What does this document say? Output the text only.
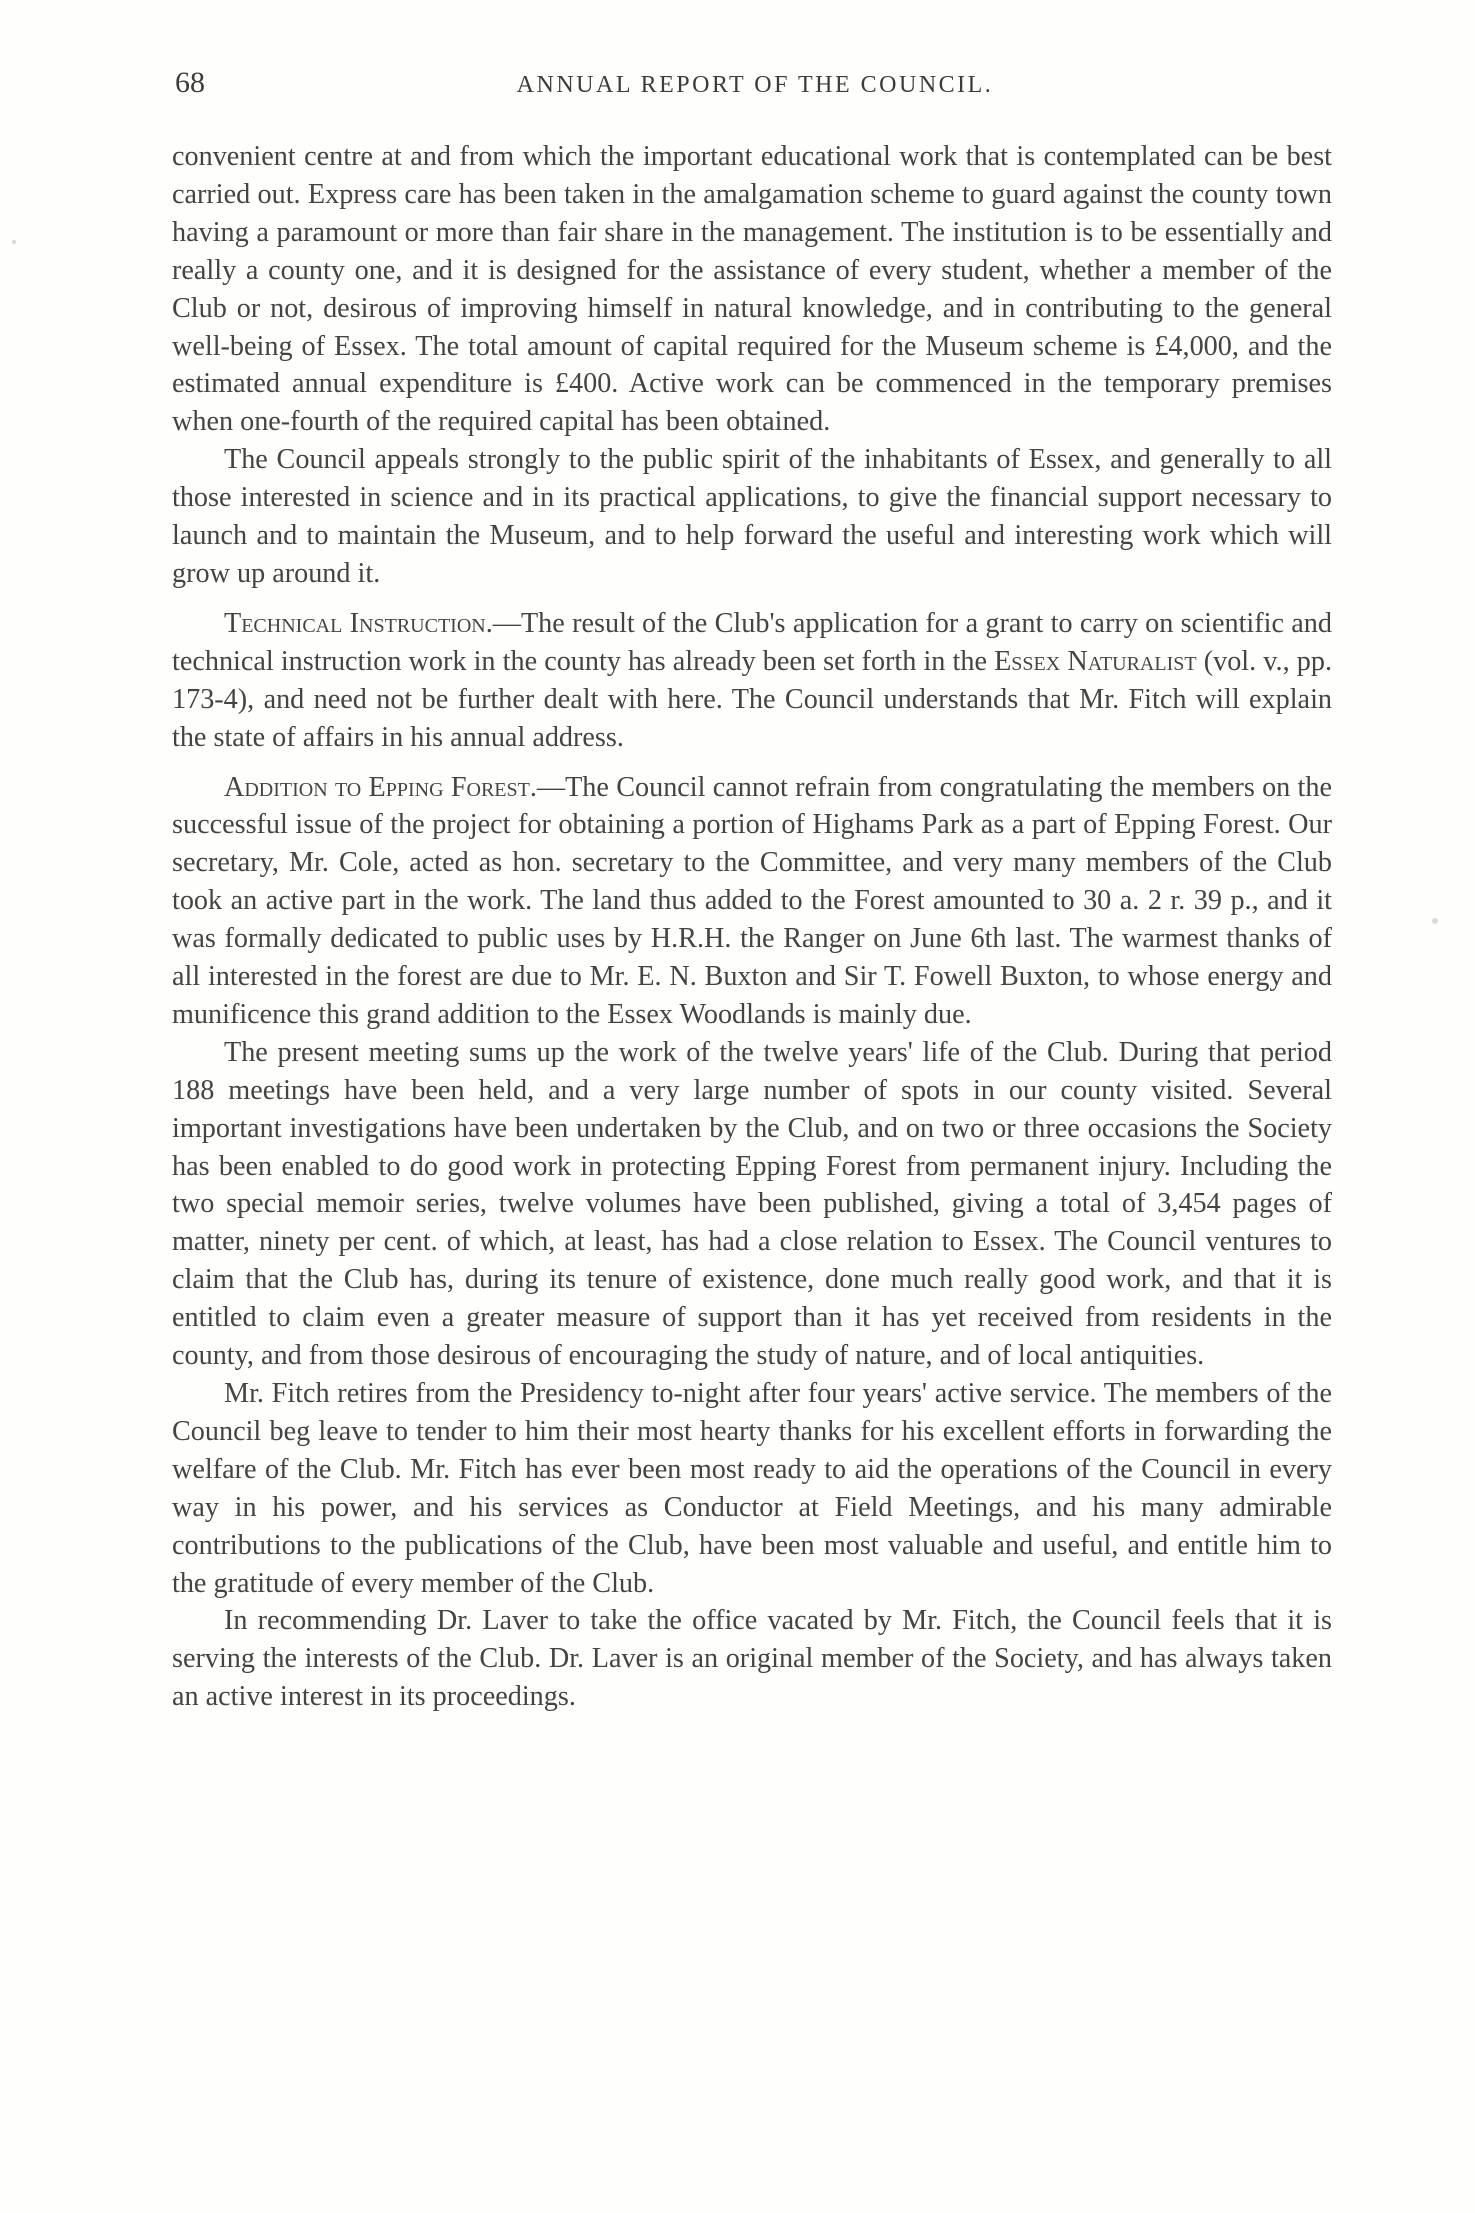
68	ANNUAL REPORT OF THE COUNCIL.

convenient centre at and from which the important educational work that is contemplated can be best carried out. Express care has been taken in the amalgamation scheme to guard against the county town having a paramount or more than fair share in the management. The institution is to be essentially and really a county one, and it is designed for the assistance of every student, whether a member of the Club or not, desirous of improving himself in natural knowledge, and in contributing to the general well-being of Essex. The total amount of capital required for the Museum scheme is £4,000, and the estimated annual expenditure is £400. Active work can be commenced in the temporary premises when one-fourth of the required capital has been obtained.

The Council appeals strongly to the public spirit of the inhabitants of Essex, and generally to all those interested in science and in its practical applications, to give the financial support necessary to launch and to maintain the Museum, and to help forward the useful and interesting work which will grow up around it.

Technical Instruction.—The result of the Club's application for a grant to carry on scientific and technical instruction work in the county has already been set forth in the Essex Naturalist (vol. v., pp. 173-4), and need not be further dealt with here. The Council understands that Mr. Fitch will explain the state of affairs in his annual address.

Addition to Epping Forest.—The Council cannot refrain from congratulating the members on the successful issue of the project for obtaining a portion of Highams Park as a part of Epping Forest. Our secretary, Mr. Cole, acted as hon. secretary to the Committee, and very many members of the Club took an active part in the work. The land thus added to the Forest amounted to 30 a. 2 r. 39 p., and it was formally dedicated to public uses by H.R.H. the Ranger on June 6th last. The warmest thanks of all interested in the forest are due to Mr. E. N. Buxton and Sir T. Fowell Buxton, to whose energy and munificence this grand addition to the Essex Woodlands is mainly due.

The present meeting sums up the work of the twelve years' life of the Club. During that period 188 meetings have been held, and a very large number of spots in our county visited. Several important investigations have been undertaken by the Club, and on two or three occasions the Society has been enabled to do good work in protecting Epping Forest from permanent injury. Including the two special memoir series, twelve volumes have been published, giving a total of 3,454 pages of matter, ninety per cent. of which, at least, has had a close relation to Essex. The Council ventures to claim that the Club has, during its tenure of existence, done much really good work, and that it is entitled to claim even a greater measure of support than it has yet received from residents in the county, and from those desirous of encouraging the study of nature, and of local antiquities.

Mr. Fitch retires from the Presidency to-night after four years' active service. The members of the Council beg leave to tender to him their most hearty thanks for his excellent efforts in forwarding the welfare of the Club. Mr. Fitch has ever been most ready to aid the operations of the Council in every way in his power, and his services as Conductor at Field Meetings, and his many admirable contributions to the publications of the Club, have been most valuable and useful, and entitle him to the gratitude of every member of the Club.

In recommending Dr. Laver to take the office vacated by Mr. Fitch, the Council feels that it is serving the interests of the Club. Dr. Laver is an original member of the Society, and has always taken an active interest in its proceedings.
